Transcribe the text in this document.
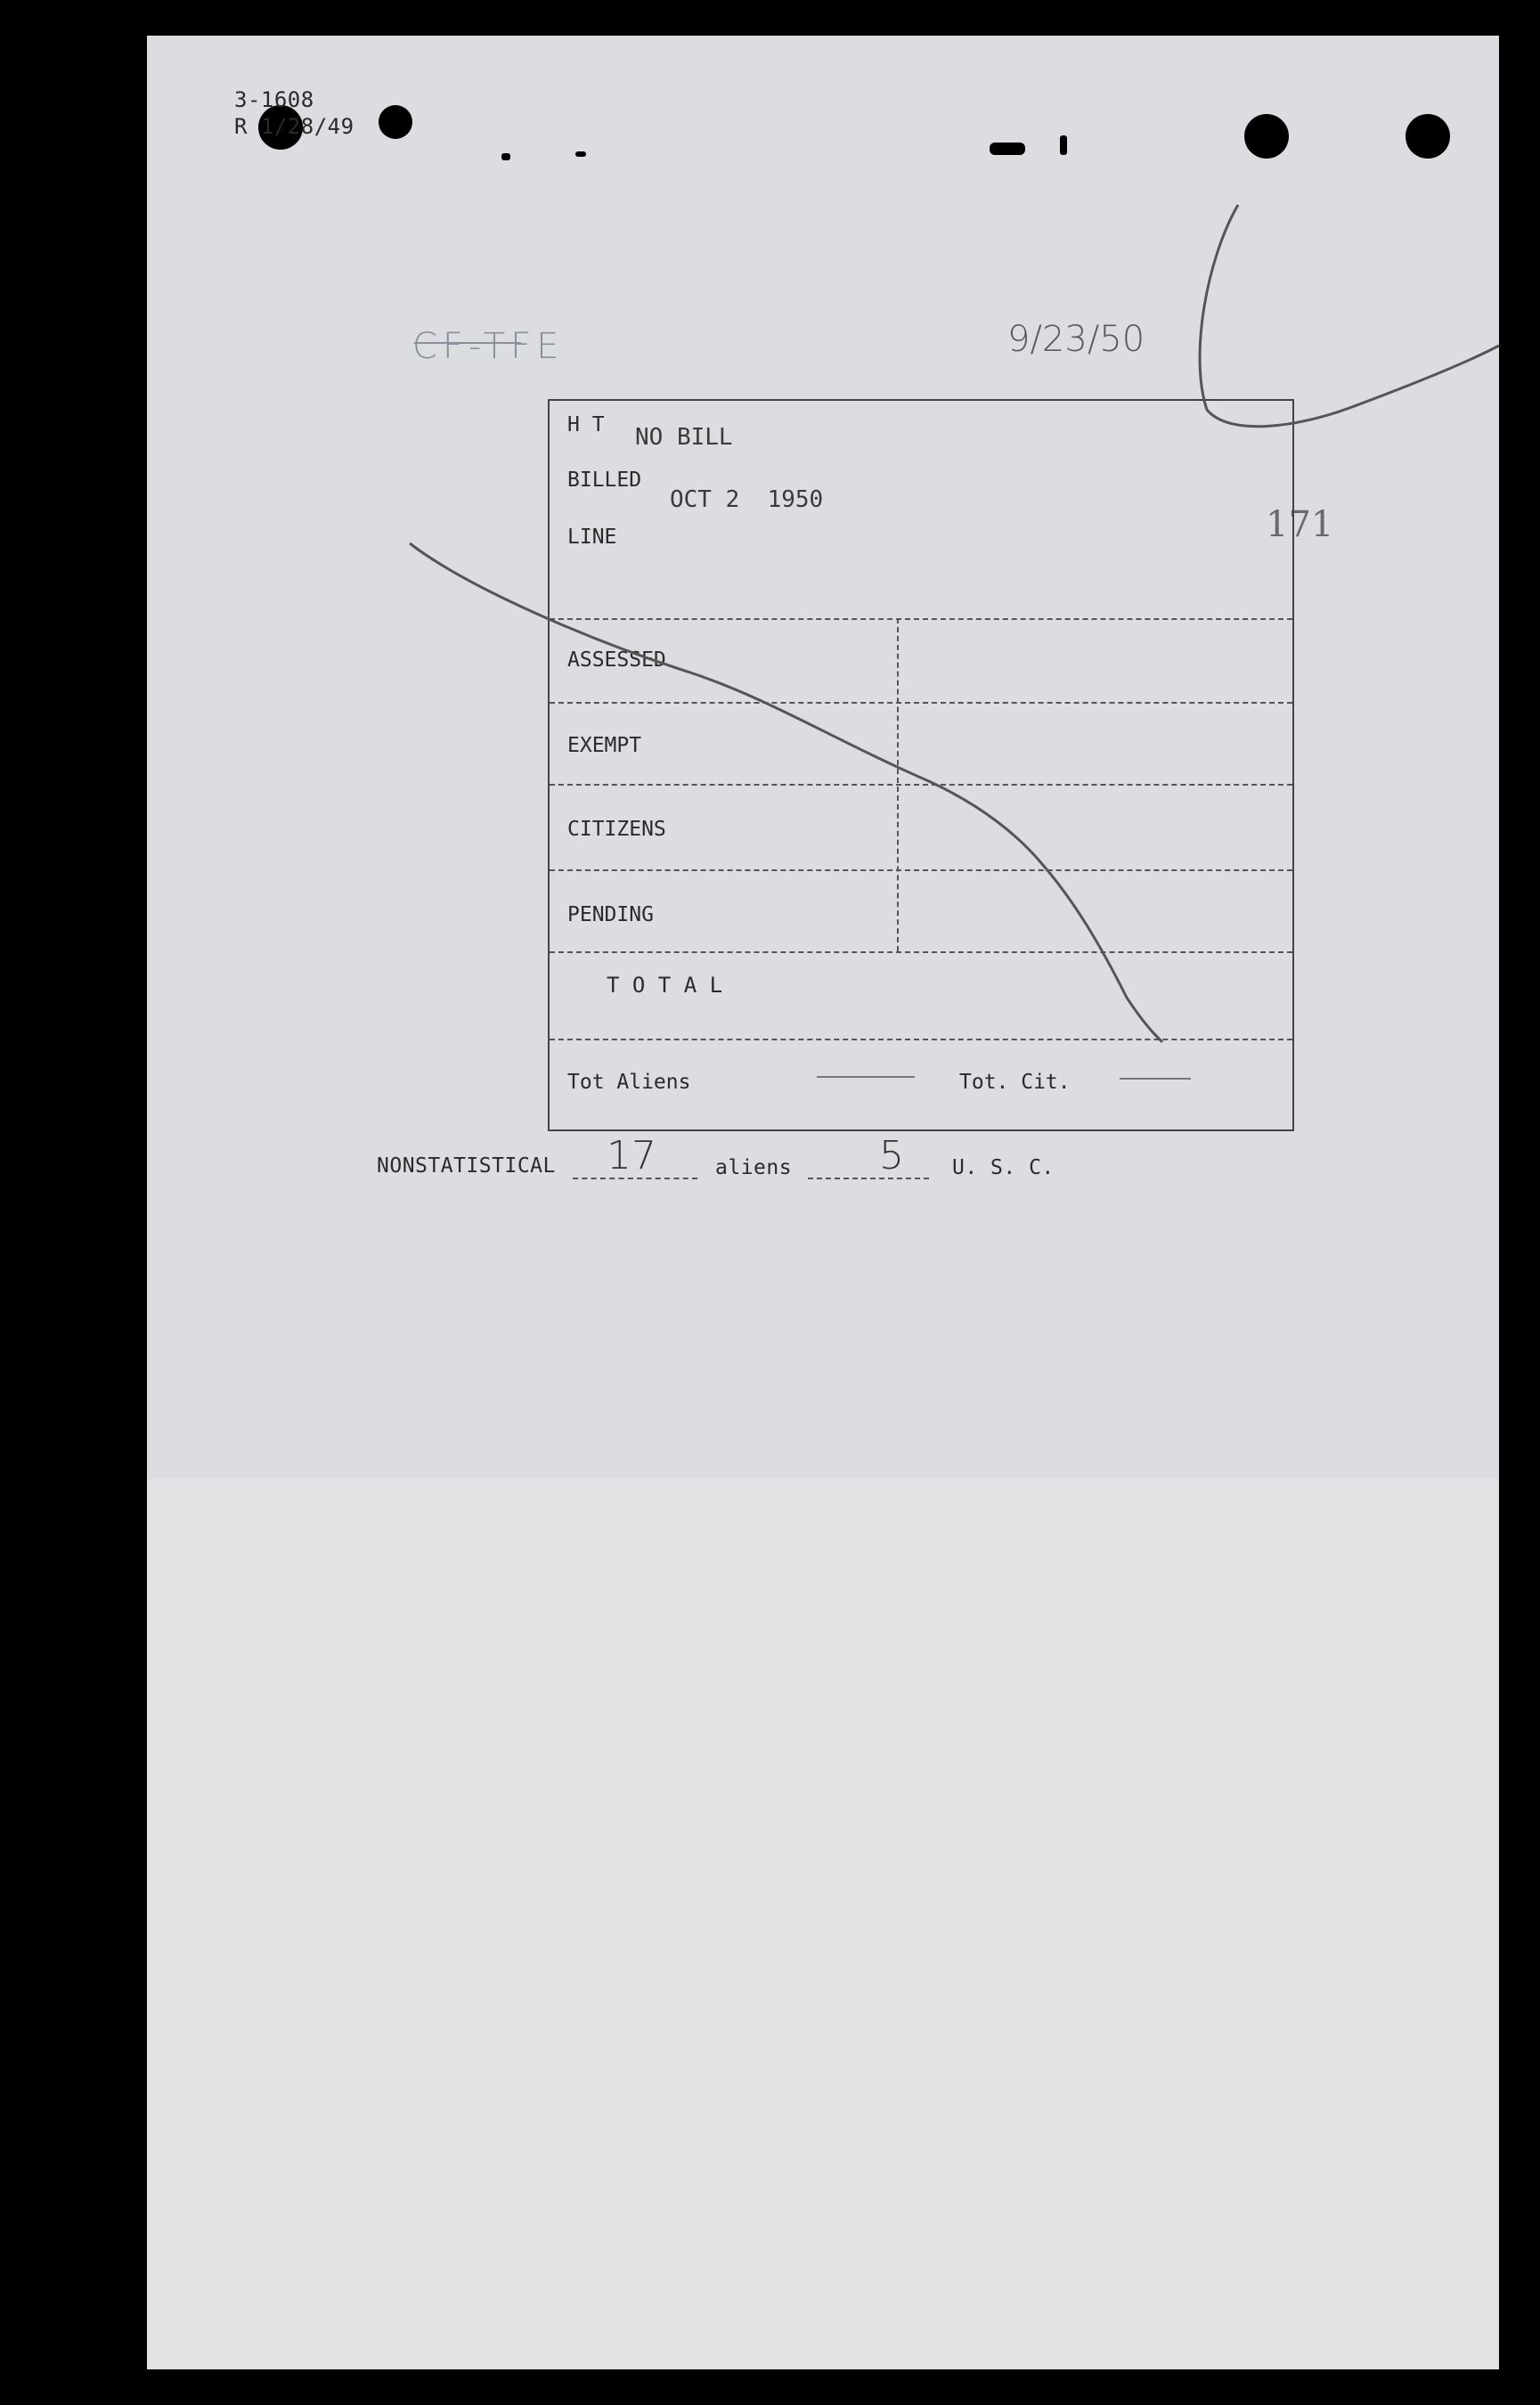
3-1608
R 1/28/49
CF-TFE	9/23/50
171
H T NO BILL
BILLED
OCT 2  1950
LINE
ASSESSED
EXEMPT
CITIZENS
PENDING
T O T A L
Tot Aliens	Tot. Cit.
NONSTATISTICAL 17	aliens 5 U. S. C.
